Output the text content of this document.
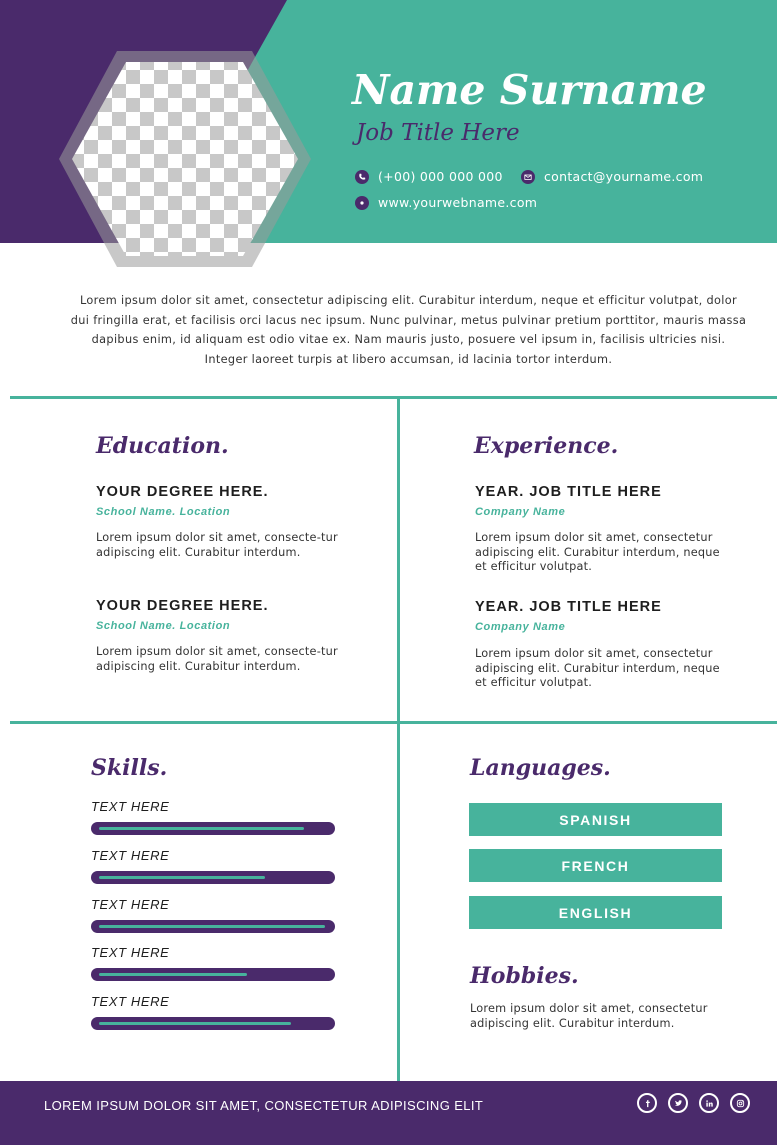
Name Surname
Job Title Here
(+00) 000 000 000	contact@yourname.com
www.yourwebname.com
Lorem ipsum dolor sit amet, consectetur adipiscing elit. Curabitur interdum, neque et efficitur volutpat, dolor dui fringilla erat, et facilisis orci lacus nec ipsum. Nunc pulvinar, metus pulvinar pretium porttitor, mauris massa dapibus enim, id aliquam est odio vitae ex. Nam mauris justo, posuere vel ipsum in, facilisis ultricies nisi. Integer laoreet turpis at libero accumsan, id lacinia tortor interdum.
Education.
YOUR DEGREE HERE.
School Name. Location
Lorem ipsum dolor sit amet, consecte-tur adipiscing elit. Curabitur interdum.
YOUR DEGREE HERE.
School Name. Location
Lorem ipsum dolor sit amet, consecte-tur adipiscing elit. Curabitur interdum.
Experience.
YEAR. JOB TITLE HERE
Company Name
Lorem ipsum dolor sit amet, consectetur adipiscing elit. Curabitur interdum, neque et efficitur volutpat.
YEAR. JOB TITLE HERE
Company Name
Lorem ipsum dolor sit amet, consectetur adipiscing elit. Curabitur interdum, neque et efficitur volutpat.
Skills.
TEXT HERE
TEXT HERE
TEXT HERE
TEXT HERE
TEXT HERE
Languages.
SPANISH
FRENCH
ENGLISH
Hobbies.
Lorem ipsum dolor sit amet, consectetur adipiscing elit. Curabitur interdum.
LOREM IPSUM DOLOR SIT AMET, CONSECTETUR ADIPISCING ELIT
